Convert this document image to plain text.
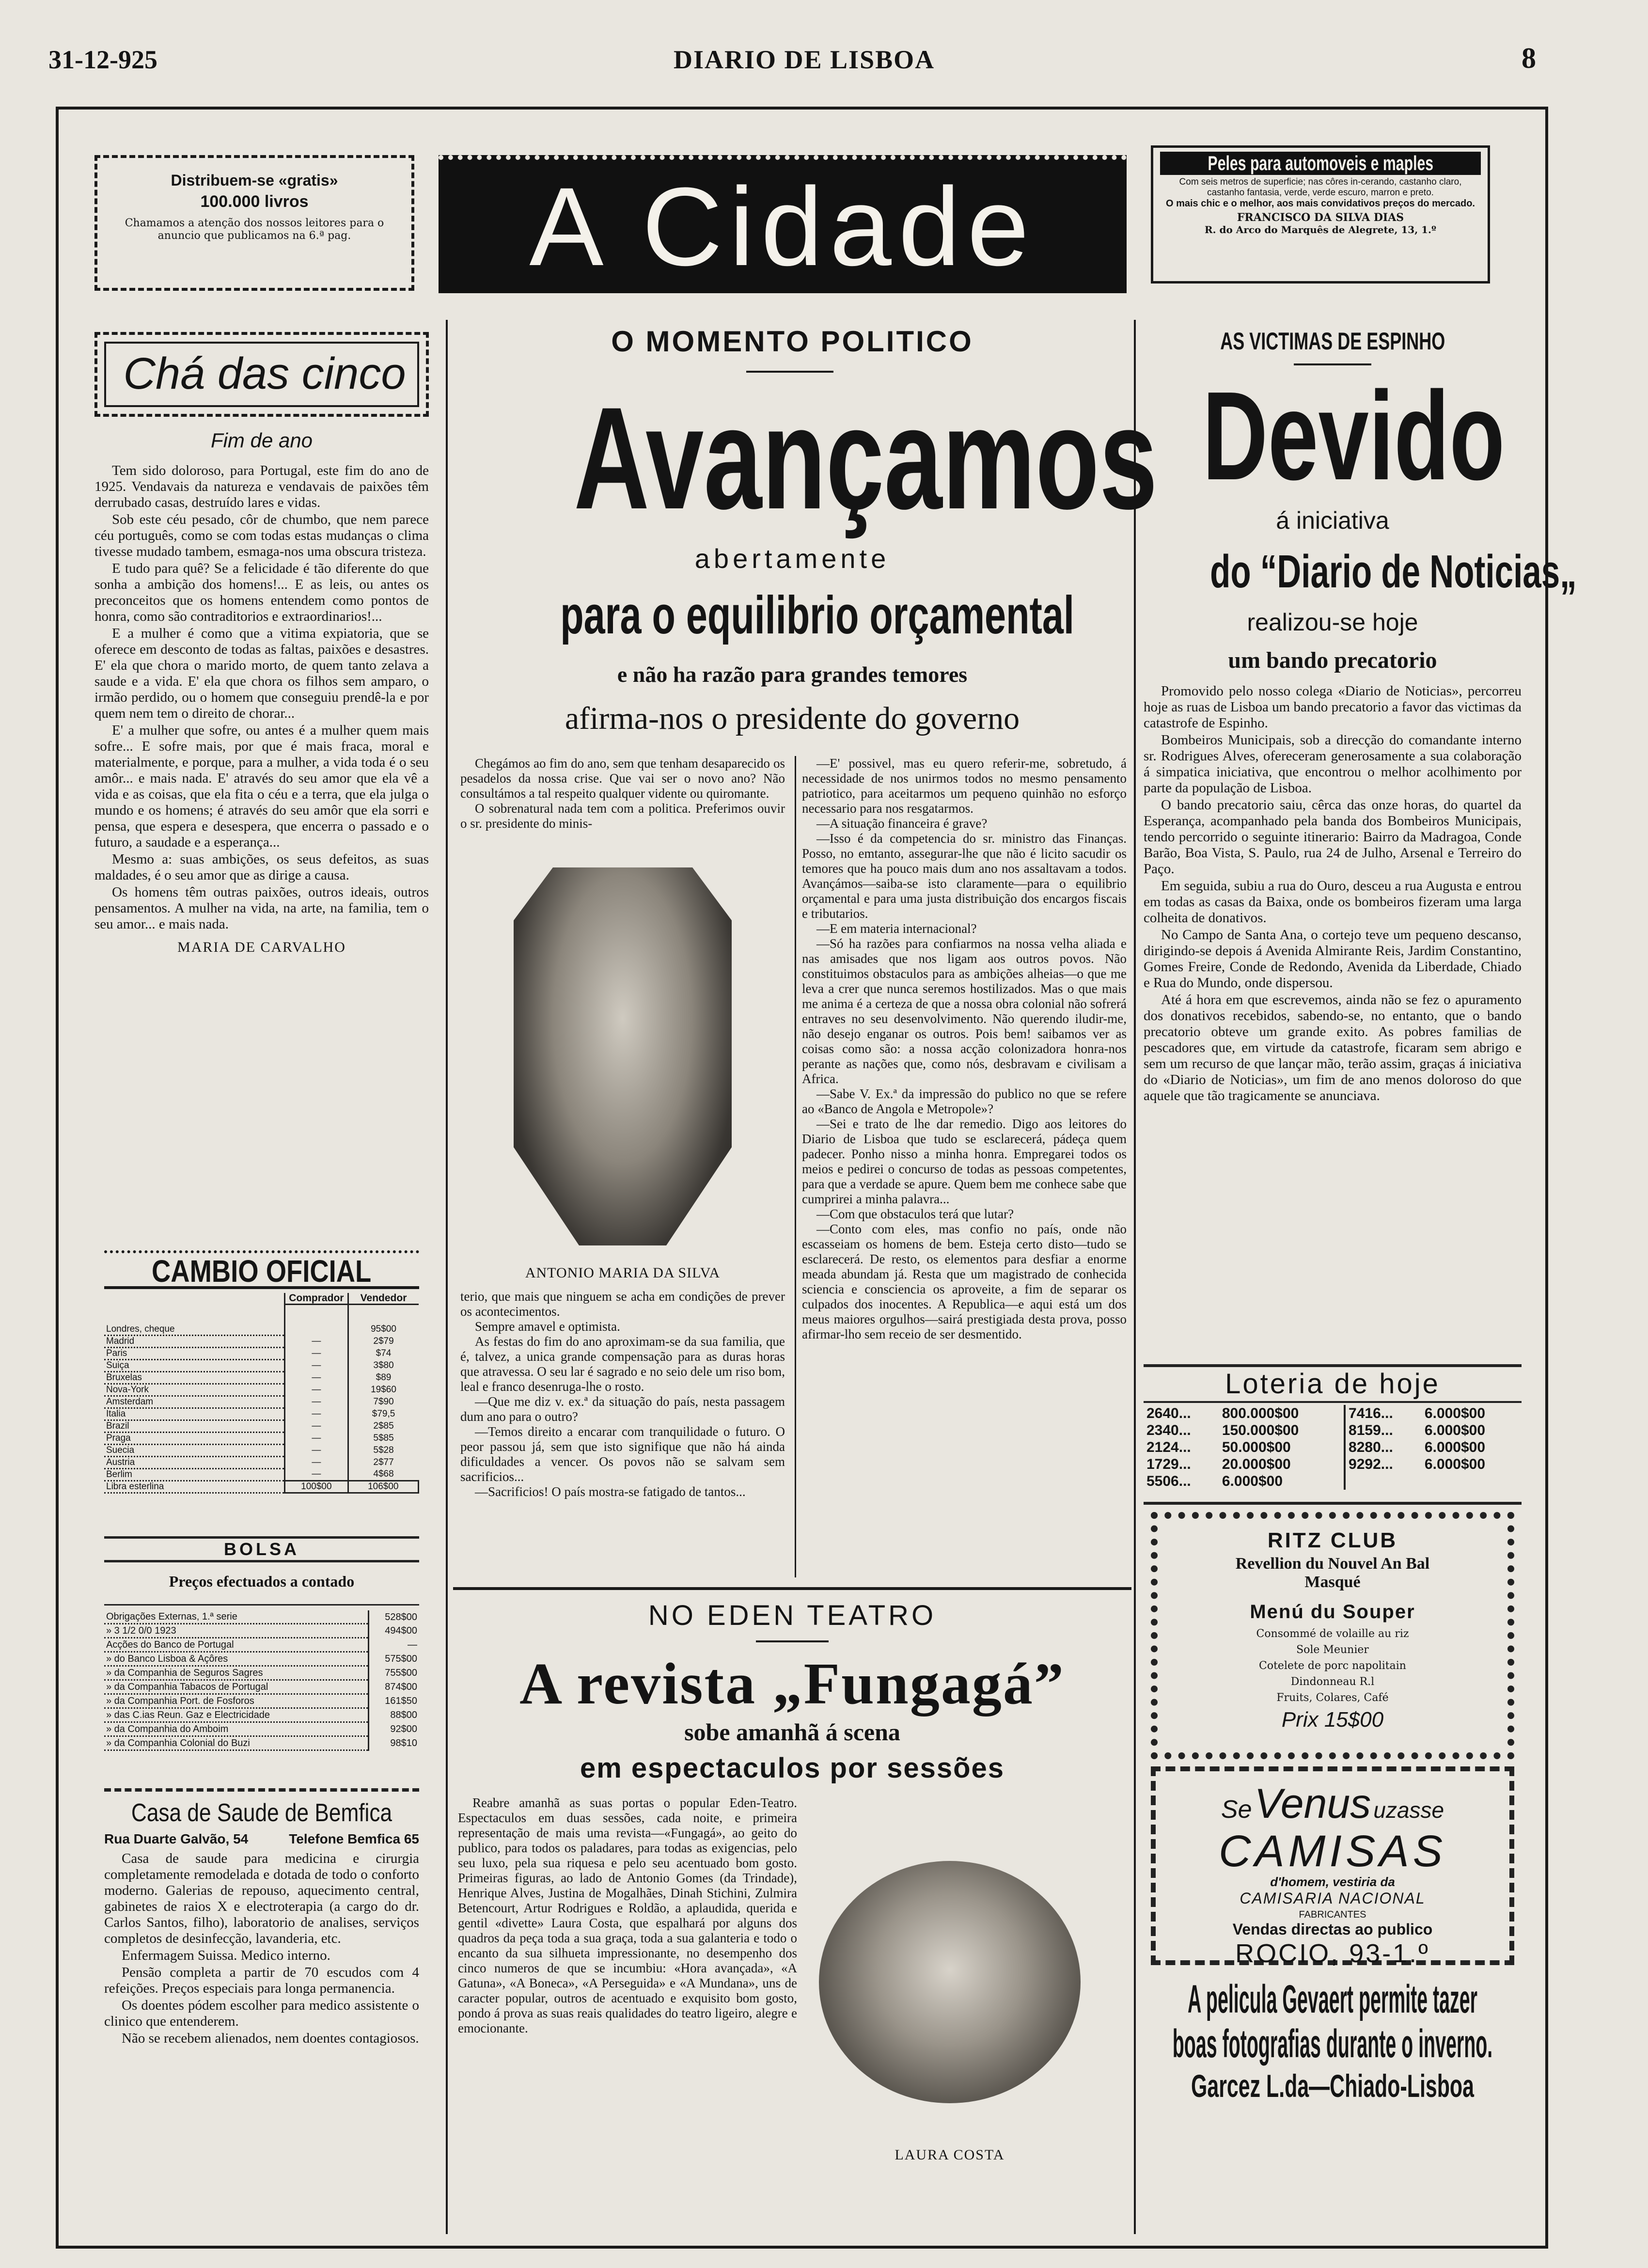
31-12-925	DIARIO DE LISBOA	8
Distribuem-se «gratis»
100.000 livros
Chamamos a atenção dos nossos leitores para o anuncio que publicamos na 6.ª pag.	A Cidade
Peles para automoveis e maples
Com seis metros de superficie; nas côres in-cerando, castanho claro, castanho fantasia, verde, verde escuro, marron e preto.
O mais chic e o melhor, aos mais convidativos preços do mercado.
FRANCISCO DA SILVA DIAS
R. do Arco do Marquês de Alegrete, 13, 1.º
Chá das cinco
Fim de ano

Tem sido doloroso, para Portugal, este fim do ano de 1925. Vendavais da natureza e vendavais de paixões têm derrubado casas, destruído lares e vidas.

Sob este céu pesado, côr de chumbo, que nem parece céu português, como se com todas estas mudanças o clima tivesse mudado tambem, esmaga-nos uma obscura tristeza.

E tudo para quê? Se a felicidade é tão diferente do que sonha a ambição dos homens!... E as leis, ou antes os preconceitos que os homens entendem como pontos de honra, como são contraditorios e extraordinarios!...

E a mulher é como que a vitima expiatoria, que se oferece em desconto de todas as faltas, paixões e desastres. E' ela que chora o marido morto, de quem tanto zelava a saude e a vida. E' ela que chora os filhos sem amparo, o irmão perdido, ou o homem que conseguiu prendê-la e por quem nem tem o direito de chorar...

E' a mulher que sofre, ou antes é a mulher quem mais sofre... E sofre mais, por que é mais fraca, moral e materialmente, e porque, para a mulher, a vida toda é o seu amôr... e mais nada. E' através do seu amor que ela vê a vida e as coisas, que ela fita o céu e a terra, que ela julga o mundo e os homens; é através do seu amôr que ela sorri e pensa, que espera e desespera, que encerra o passado e o futuro, a saudade e a esperança...

Mesmo a: suas ambições, os seus defeitos, as suas maldades, é o seu amor que as dirige a causa.

Os homens têm outras paixões, outros ideais, outros pensamentos. A mulher na vida, na arte, na familia, tem o seu amor... e mais nada.

MARIA DE CARVALHO
CAMBIO OFICIAL
	Comprador	Vendedor

Londres, cheque		95$00
Madrid	—	2$79
Paris	—	$74
Suiça	—	3$80
Bruxelas	—	$89
Nova-York	—	19$60
Amsterdam	—	7$90
Italia	—	$79,5
Brazil	—	2$85
Praga	—	5$85
Suecia	—	5$28
Austria	—	2$77
Berlim	—	4$68
Libra esterlina	100$00	106$00
BOLSA
Preços efectuados a contado
Obrigações Externas, 1.ª serie	528$00
» 3 1/2 0/0 1923	494$00
Acções do Banco de Portugal	—
» do Banco Lisboa & Açôres	575$00
» da Companhia de Seguros Sagres	755$00
» da Companhia Tabacos de Portugal	874$00
» da Companhia Port. de Fosforos	161$50
» das C.ias Reun. Gaz e Electricidade	88$00
» da Companhia do Amboim	92$00
» da Companhia Colonial do Buzi	98$10
Casa de Saude de Bemfica
Rua Duarte Galvão, 54	Telefone Bemfica 65

Casa de saude para medicina e cirurgia completamente remodelada e dotada de todo o conforto moderno. Galerias de repouso, aquecimento central, gabinetes de raios X e electroterapia (a cargo do dr. Carlos Santos, filho), laboratorio de analises, serviços completos de desinfecção, lavanderia, etc.

Enfermagem Suissa. Medico interno.

Pensão completa a partir de 70 escudos com 4 refeições. Preços especiais para longa permanencia.

Os doentes pódem escolher para medico assistente o clinico que entenderem.

Não se recebem alienados, nem doentes contagiosos.

O MOMENTO POLITICO
Avançamos
abertamente
para o equilibrio orçamental
e não ha razão para grandes temores
afirma-nos o presidente do governo

Chegámos ao fim do ano, sem que tenham desaparecido os pesadelos da nossa crise. Que vai ser o novo ano? Não consultámos a tal respeito qualquer vidente ou quiromante.

O sobrenatural nada tem com a politica. Preferimos ouvir o sr. presidente do minis-

ANTONIO MARIA DA SILVA

terio, que mais que ninguem se acha em condições de prever os acontecimentos.

Sempre amavel e optimista.

As festas do fim do ano aproximam-se da sua familia, que é, talvez, a unica grande compensação para as duras horas que atravessa. O seu lar é sagrado e no seio dele um riso bom, leal e franco desenruga-lhe o rosto.

—Que me diz v. ex.ª da situação do país, nesta passagem dum ano para o outro?

—Temos direito a encarar com tranquilidade o futuro. O peor passou já, sem que isto signifique que não há ainda dificuldades a vencer. Os povos não se salvam sem sacrificios...

—Sacrificios! O país mostra-se fatigado de tantos...

—E' possivel, mas eu quero referir-me, sobretudo, á necessidade de nos unirmos todos no mesmo pensamento patriotico, para aceitarmos um pequeno quinhão no esforço necessario para nos resgatarmos.

—A situação financeira é grave?

—Isso é da competencia do sr. ministro das Finanças. Posso, no emtanto, assegurar-lhe que não é licito sacudir os temores que ha pouco mais dum ano nos assaltavam a todos. Avançámos—saiba-se isto claramente—para o equilibrio orçamental e para uma justa distribuição dos encargos fiscais e tributarios.

—E em materia internacional?

—Só ha razões para confiarmos na nossa velha aliada e nas amisades que nos ligam aos outros povos. Não constituimos obstaculos para as ambições alheias—o que me leva a crer que nunca seremos hostilizados. Mas o que mais me anima é a certeza de que a nossa obra colonial não sofrerá entraves no seu desenvolvimento. Não querendo iludir-me, não desejo enganar os outros. Pois bem! saibamos ver as coisas como são: a nossa acção colonizadora honra-nos perante as nações que, como nós, desbravam e civilisam a Africa.

—Sabe V. Ex.ª da impressão do publico no que se refere ao «Banco de Angola e Metropole»?

—Sei e trato de lhe dar remedio. Digo aos leitores do Diario de Lisboa que tudo se esclarecerá, pádeça quem padecer. Ponho nisso a minha honra. Empregarei todos os meios e pedirei o concurso de todas as pessoas competentes, para que a verdade se apure. Quem bem me conhece sabe que cumprirei a minha palavra...

—Com que obstaculos terá que lutar?

—Conto com eles, mas confio no país, onde não escasseiam os homens de bem. Esteja certo disto—tudo se esclarecerá. De resto, os elementos para desfiar a enorme meada abundam já. Resta que um magistrado de conhecida sciencia e consciencia os aproveite, a fim de separar os culpados dos inocentes. A Republica—e aqui está um dos meus maiores orgulhos—sairá prestigiada desta prova, posso afirmar-lho sem receio de ser desmentido.

NO EDEN TEATRO
A revista „Fungagá”
sobe amanhã á scena
em espectaculos por sessões

Reabre amanhã as suas portas o popular Eden-Teatro. Espectaculos em duas sessões, cada noite, e primeira representação de mais uma revista—«Fungagá», ao geito do publico, para todos os paladares, para todas as exigencias, pelo seu luxo, pela sua riquesa e pelo seu acentuado bom gosto. Primeiras figuras, ao lado de Antonio Gomes (da Trindade), Henrique Alves, Justina de Mogalhães, Dinah Stichini, Zulmira Betencourt, Artur Rodrigues e Roldão, a aplaudida, querida e gentil «divette» Laura Costa, que espalhará por alguns dos quadros da peça toda a sua graça, toda a sua galanteria e todo o encanto da sua silhueta impressionante, no desempenho dos cinco numeros de que se incumbiu: «Hora avançada», «A Gatuna», «A Boneca», «A Perseguida» e «A Mundana», uns de caracter popular, outros de acentuado e exquisito bom gosto, pondo á prova as suas reais qualidades do teatro ligeiro, alegre e emocionante.

LAURA COSTA
AS VICTIMAS DE ESPINHO
Devido
á iniciativa
do “Diario de Noticias„
realizou-se hoje
um bando precatorio

Promovido pelo nosso colega «Diario de Noticias», percorreu hoje as ruas de Lisboa um bando precatorio a favor das victimas da catastrofe de Espinho.

Bombeiros Municipais, sob a direcção do comandante interno sr. Rodrigues Alves, ofereceram generosamente a sua colaboração á simpatica iniciativa, que encontrou o melhor acolhimento por parte da população de Lisboa.

O bando precatorio saiu, cêrca das onze horas, do quartel da Esperança, acompanhado pela banda dos Bombeiros Municipais, tendo percorrido o seguinte itinerario: Bairro da Madragoa, Conde Barão, Boa Vista, S. Paulo, rua 24 de Julho, Arsenal e Terreiro do Paço.

Em seguida, subiu a rua do Ouro, desceu a rua Augusta e entrou em todas as casas da Baixa, onde os bombeiros fizeram uma larga colheita de donativos.

No Campo de Santa Ana, o cortejo teve um pequeno descanso, dirigindo-se depois á Avenida Almirante Reis, Jardim Constantino, Gomes Freire, Conde de Redondo, Avenida da Liberdade, Chiado e Rua do Mundo, onde dispersou.

Até á hora em que escrevemos, ainda não se fez o apuramento dos donativos recebidos, sabendo-se, no entanto, que o bando precatorio obteve um grande exito. As pobres familias de pescadores que, em virtude da catastrofe, ficaram sem abrigo e sem um recurso de que lançar mão, terão assim, graças á iniciativa do «Diario de Noticias», um fim de ano menos doloroso do que aquele que tão tragicamente se anunciava.

Loteria de hoje
2640...	800.000$00	7416...	6.000$00
2340...	150.000$00	8159...	6.000$00
2124...	50.000$00	8280...	6.000$00
1729...	20.000$00	9292...	6.000$00
5506...	6.000$00		
RITZ CLUB
Revellion du Nouvel An Bal
Masqué
Menú du Souper
Consommé de volaille au riz
Sole Meunier
Cotelete de porc napolitain
Dindonneau R.l
Fruits, Colares, Café
Prix 15$00
Se Venus uzasse
CAMISAS
d'homem, vestiria da
CAMISARIA NACIONAL
FABRICANTES
Vendas directas ao publico
ROCIO, 93-1.º
A pelicula Gevaert permite tazer
boas fotografias durante o inverno.
Garcez L.da—Chiado-Lisboa
